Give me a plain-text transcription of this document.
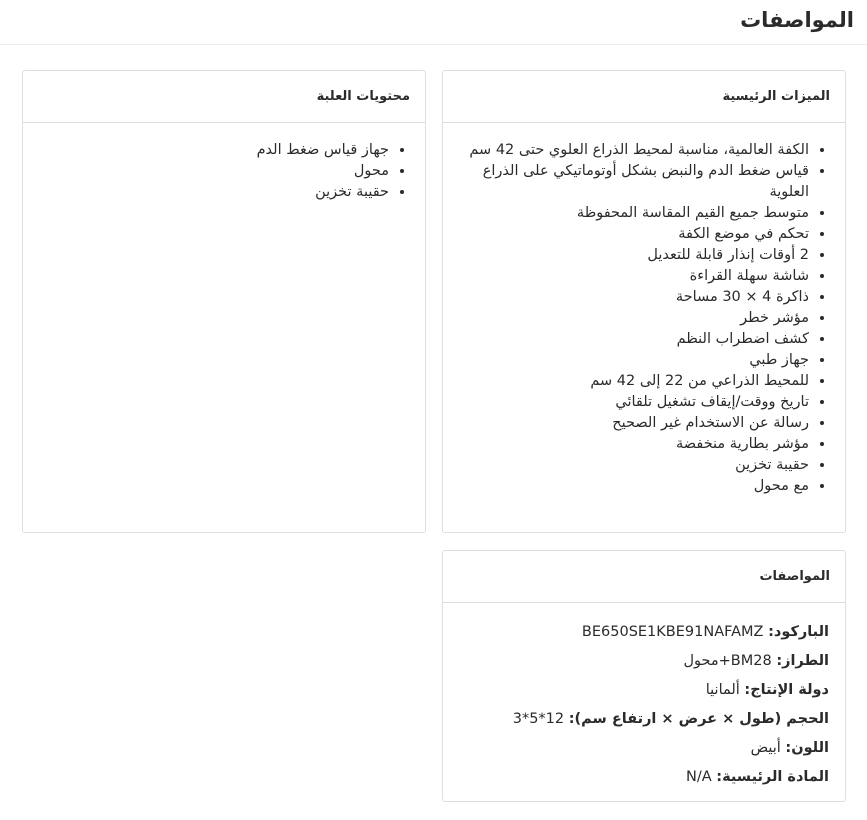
المواصفات
الميزات الرئيسية
• الكفة العالمية، مناسبة لمحيط الذراع العلوي حتى 42 سم
• قياس ضغط الدم والنبض بشكل أوتوماتيكي على الذراع العلوية
• متوسط جميع القيم المقاسة المحفوظة
• تحكم في موضع الكفة
• 2 أوقات إنذار قابلة للتعديل
• شاشة سهلة القراءة
• ذاكرة 4 × 30 مساحة
• مؤشر خطر
• كشف اضطراب النظم
• جهاز طبي
• للمحيط الذراعي من 22 إلى 42 سم
• تاريخ ووقت/إيقاف تشغيل تلقائي
• رسالة عن الاستخدام غير الصحيح
• مؤشر بطارية منخفضة
• حقيبة تخزين
• مع محول
محتويات العلبة
• جهاز قياس ضغط الدم
• محول
• حقيبة تخزين
المواصفات
الباركود: BE650SE1KBE91NAFAMZ
الطراز: BM28+محول
دولة الإنتاج: ألمانيا
الحجم (طول × عرض × ارتفاع سم): 12*5*3
اللون: أبيض
المادة الرئيسية: N/A
